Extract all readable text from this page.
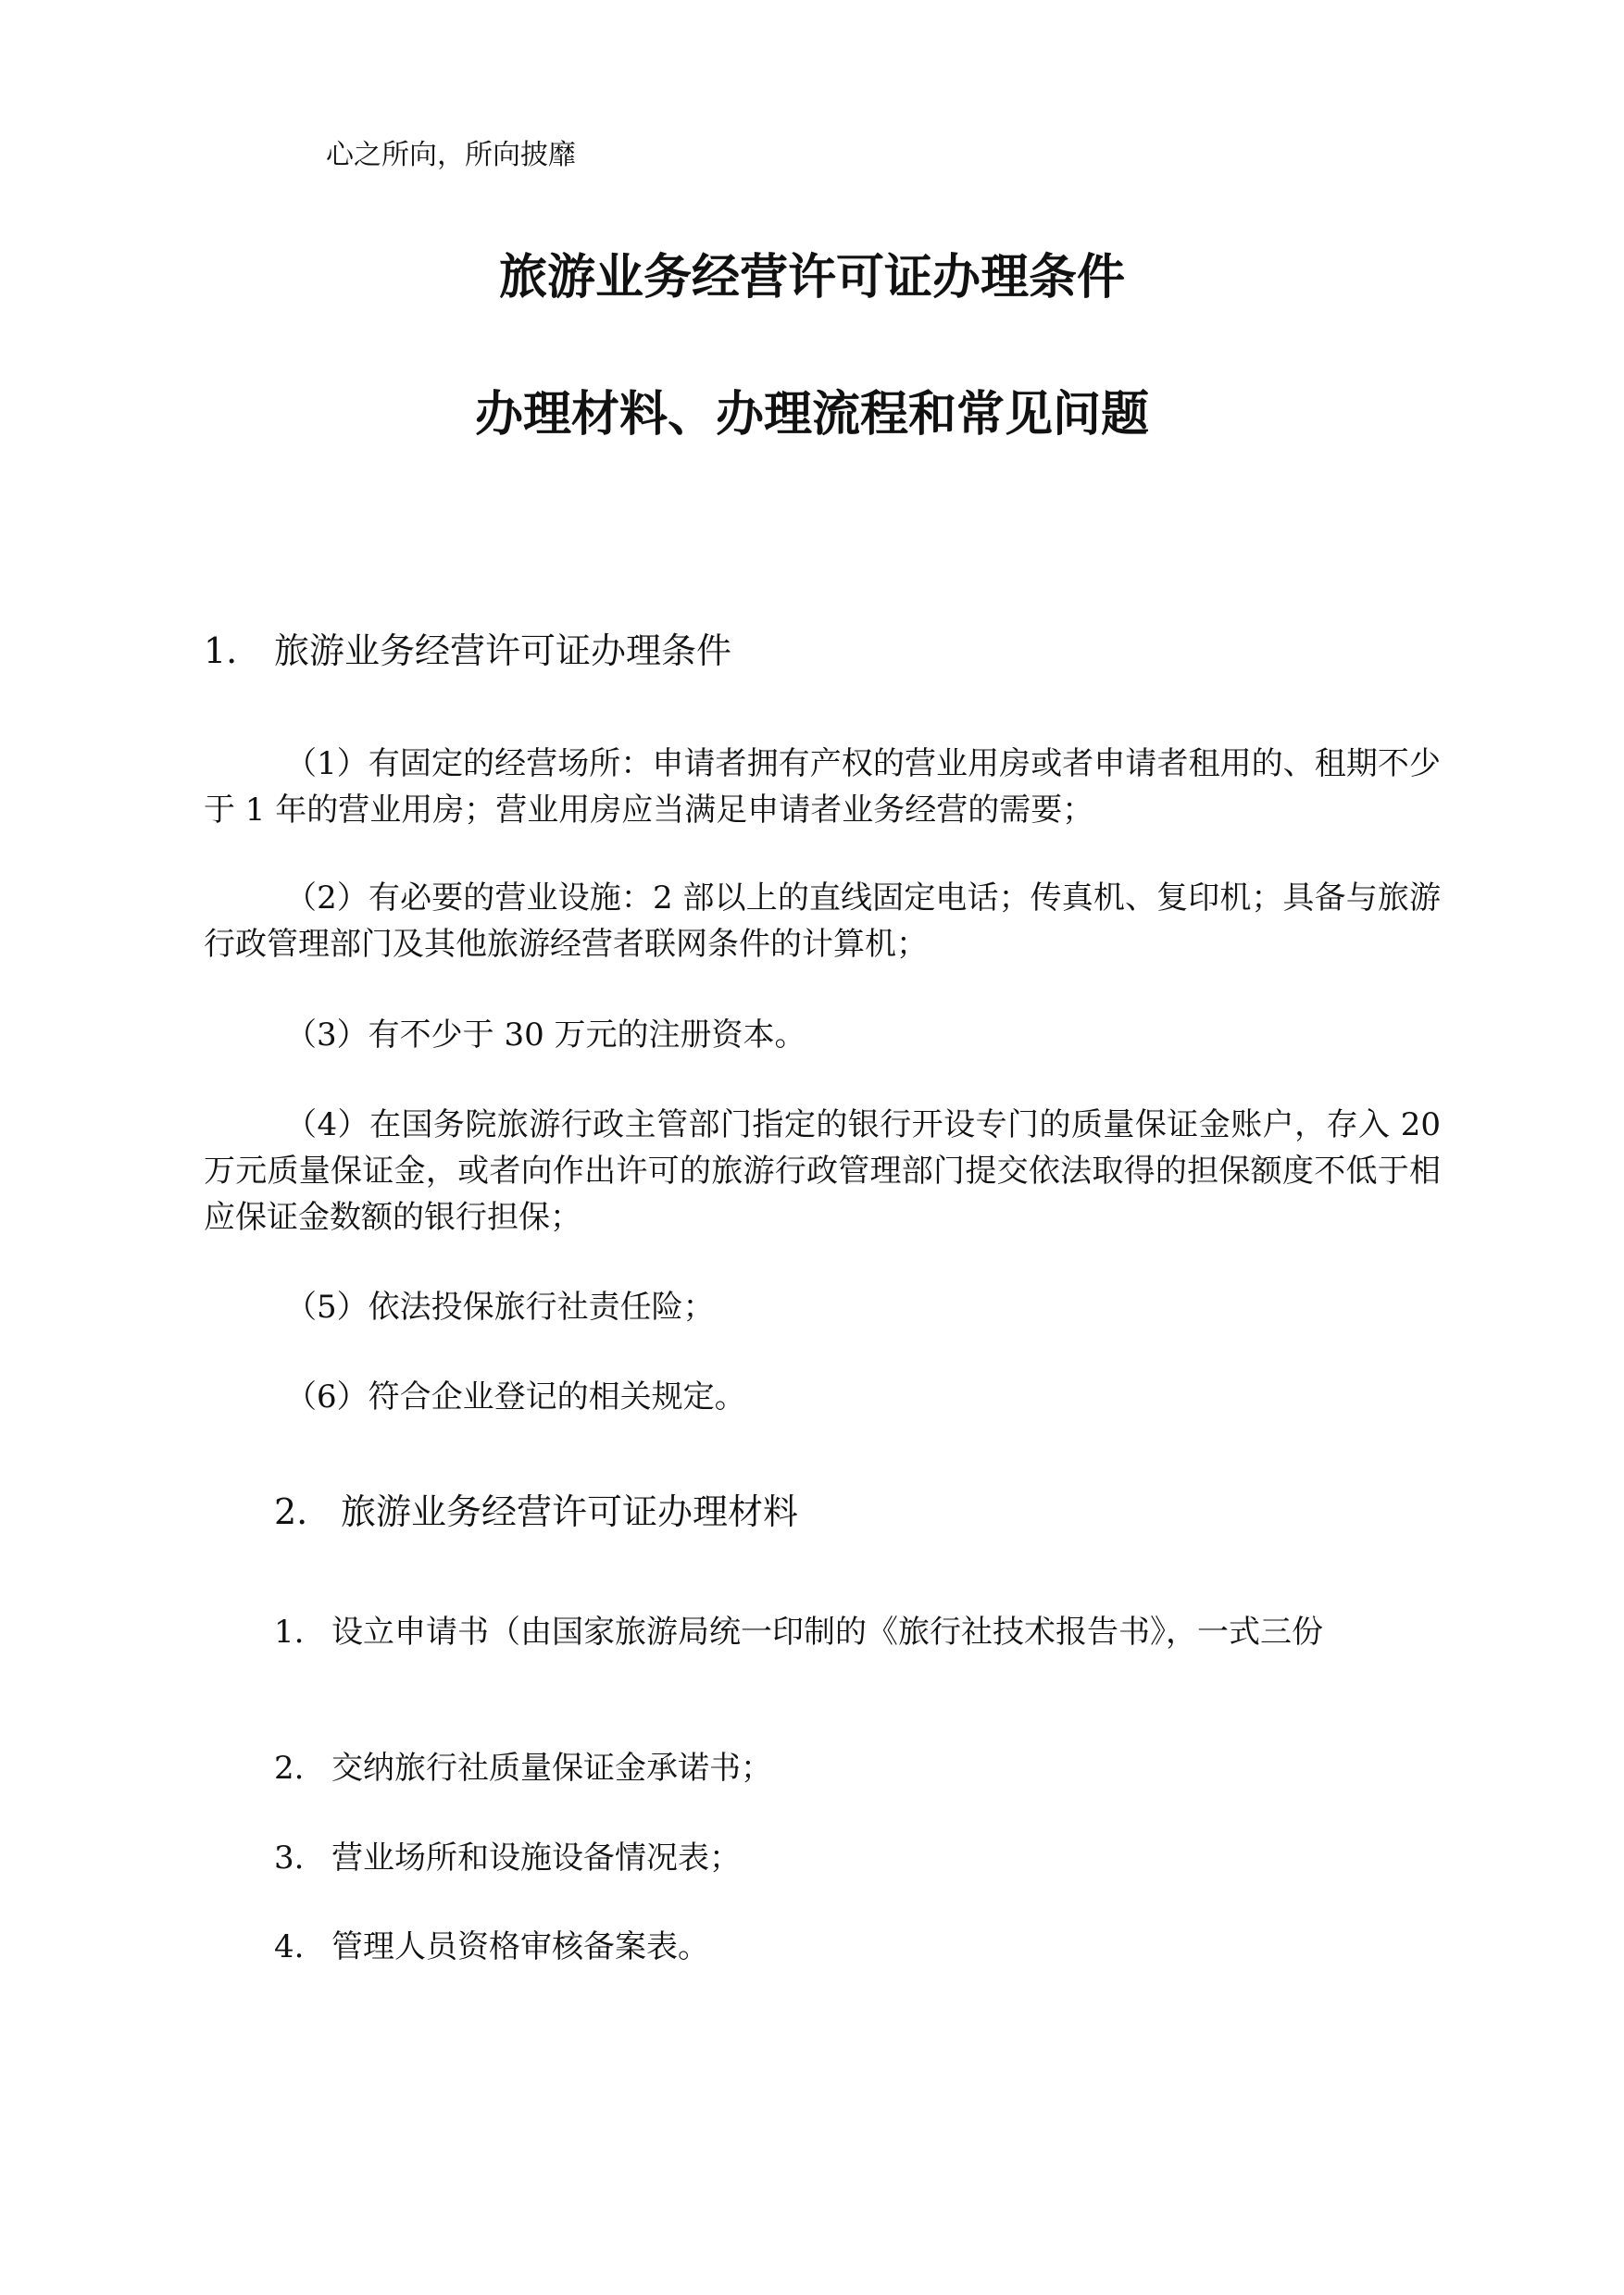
心之所向，所向披靡
旅游业务经营许可证办理条件
办理材料、办理流程和常见问题
1. 旅游业务经营许可证办理条件

（1）有固定的经营场所：申请者拥有产权的营业用房或者申请者租用的、租期不少于 1 年的营业用房；营业用房应当满足申请者业务经营的需要；

（2）有必要的营业设施：2 部以上的直线固定电话；传真机、复印机；具备与旅游行政管理部门及其他旅游经营者联网条件的计算机；

（3）有不少于 30 万元的注册资本。

（4）在国务院旅游行政主管部门指定的银行开设专门的质量保证金账户，存入 20 万元质量保证金，或者向作出许可的旅游行政管理部门提交依法取得的担保额度不低于相应保证金数额的银行担保；

（5）依法投保旅行社责任险；

（6）符合企业登记的相关规定。

2. 旅游业务经营许可证办理材料

1. 设立申请书（由国家旅游局统一印制的《旅行社技术报告书》，一式三份

2. 交纳旅行社质量保证金承诺书；

3. 营业场所和设施设备情况表；

4. 管理人员资格审核备案表。
